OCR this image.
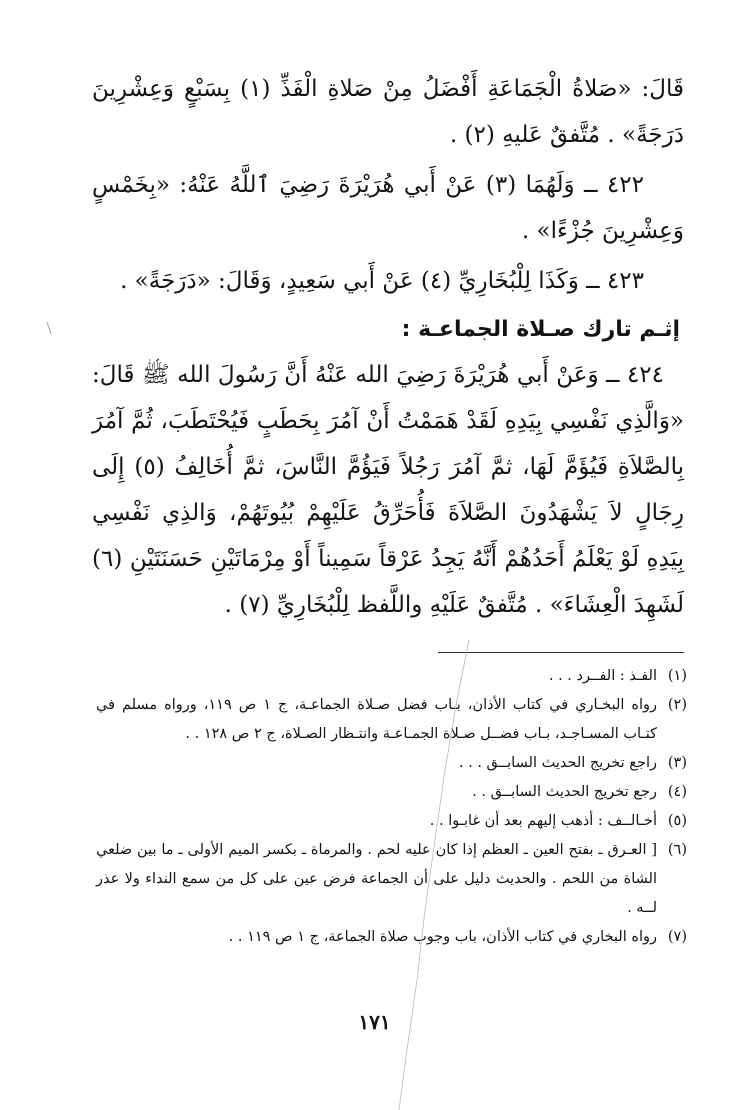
قَالَ: «صَلاةُ الْجَمَاعَةِ أَفْضَلُ مِنْ صَلاةِ الْفَذِّ (١) بِسَبْعٍ وَعِشْرِينَ دَرَجَةً» . مُتَّفقٌ عَليهِ (٢) .

٤٢٢ ــ وَلَهُمَا (٣) عَنْ أَبي هُرَيْرَةَ رَضِيَ ٱللَّهُ عَنْهُ: «بِخَمْسٍ وَعِشْرِينَ جُزْءًا» .

٤٢٣ ــ وَكَذَا لِلْبُخَارِيِّ (٤) عَنْ أَبي سَعِيدٍ، وَقَالَ: «دَرَجَةً» .

إثـم تارك صـلاة الجماعـة :

٤٢٤ ــ وَعَنْ أَبي هُرَيْرَةَ رَضِيَ الله عَنْهُ أَنَّ رَسُولَ الله ﷺ قَالَ: «وَالَّذِي نَفْسِي بِيَدِهِ لَقَدْ هَمَمْتُ أَنْ آمُرَ بِحَطَبٍ فَيُحْتَطَبَ، ثُمَّ آمُرَ بِالصَّلاَةِ فَيُؤَمَّ لَهَا، ثمَّ آمُرَ رَجُلاً فَيَؤُمَّ النَّاسَ، ثمَّ أُخَالِفُ (٥) إِلَى رِجَالٍ لاَ يَشْهَدُونَ الصَّلاَةَ فَأُحَرِّقُ عَلَيْهِمْ بُيُوتَهُمْ، وَالذِي نَفْسِي بِيَدِهِ لَوْ يَعْلَمُ أَحَدُهُمْ أَنَّهُ يَجِدُ عَرْقاً سَمِيناً أَوْ مِرْمَاتَيْنِ حَسَنَتَيْنِ (٦) لَشَهِدَ الْعِشَاءَ» . مُتَّفقٌ عَلَيْهِ واللَّفظ لِلْبُخَارِيِّ (٧) .

(١)
الفـذ : الفــرد . . .
(٢)
رواه البخـاري في كتاب الأذان، بـاب فضل صـلاة الجماعـة، ج ١ ص ١١٩، ورواه مسلم في كتـاب المسـاجـد، بـاب فضــل صـلاة الجمـاعـة وانتـظار الصـلاة، ج ٢ ص ١٢٨ . .
(٣)
راجع تخريج الحديث السابــق . . .
(٤)
رجع تخريج الحديث السابــق . .
(٥)
أخـالــف : أذهب إليهم بعد أن غابـوا . .
(٦)
[ العـرق ـ بفتح العين ـ العظم إذا كان عليه لحم . والمرماة ـ بكسر الميم الأولى ـ ما بين ضلعي الشاة من اللحم . والحديث دليل على أن الجماعة فرض عين على كل من سمع النداء ولا عذر لــه .
(٧)
رواه البخاري في كتاب الأذان، باب وجوب صلاة الجماعة، ج ١ ص ١١٩ . .
١٧١
